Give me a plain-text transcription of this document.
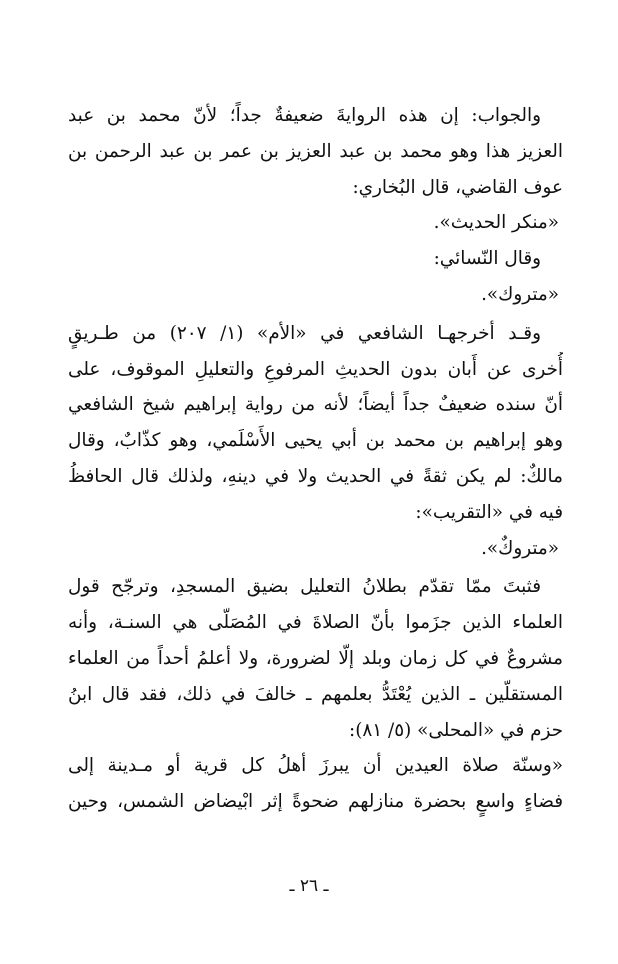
والجواب: إن هذه الروايةَ ضعيفةٌ جداً؛ لأنّ محمد بن عبد
العزيز هذا وهو محمد بن عبد العزيز بن عمر بن عبد الرحمن بن
عوف القاضي، قال البُخاري:
«منكر الحديث».
وقال النّسائي:
«متروك».
وقـد أخرجهـا الشافعي في «الأم» (١/ ٢٠٧) من طـريقٍ
أُخرى عن أَبان بدون الحديثِ المرفوعِ والتعليلِ الموقوف، على
أنّ سنده ضعيفٌ جداً أيضاً؛ لأنه من رواية إبراهيم شيخ الشافعي
وهو إبراهيم بن محمد بن أبي يحيى الأَسْلَمي، وهو كذّابٌ، وقال
مالكٌ: لم يكن ثقةً في الحديث ولا في دينهِ، ولذلك قال الحافظُ
فيه في «التقريب»:
«متروكٌ».
فثبتَ ممّا تقدّم بطلانُ التعليل بضيق المسجدِ، وترجّح قول
العلماء الذين جزَموا بأنّ الصلاةَ في المُصَلّى هي السنـة، وأنه
مشروعٌ في كل زمان وبلد إلّا لضرورة، ولا أعلمُ أحداً من العلماء
المستقلّين ـ الذين يُعْتَدُّ بعلمهم ـ خالفَ في ذلك، فقد قال ابنُ
حزم في «المحلى» (٥/ ٨١):
«وسنّة صلاة العيدين أن يبرزَ أهلُ كل قرية أو مـدينة إلى
فضاءٍ واسعٍ بحضرة منازلهم ضحوةً إثر ابْيضاض الشمس، وحين
ـ ٢٦ ـ
